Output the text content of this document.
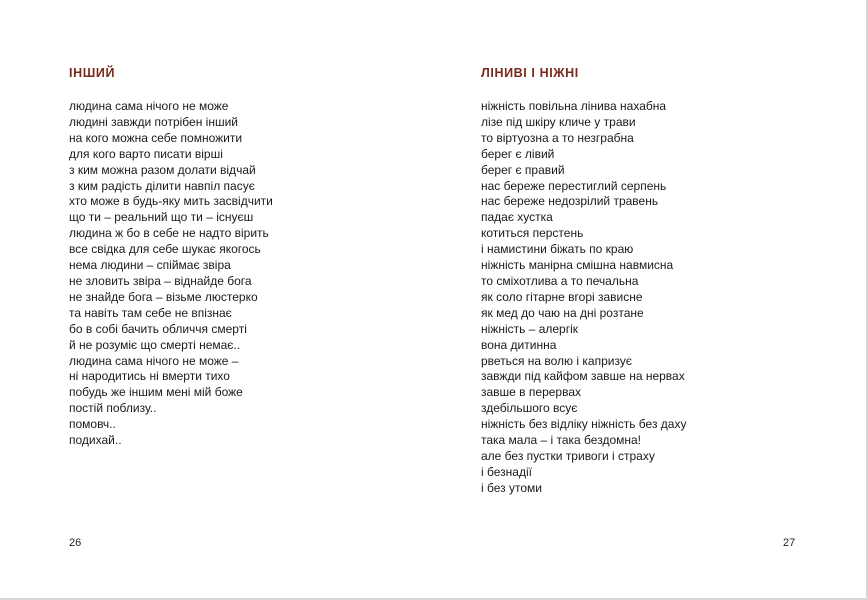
ІНШИЙ
людина сама нічого не може
людині завжди потрібен інший
на кого можна себе помножити
для кого варто писати вірші
з ким можна разом долати відчай
з ким радість ділити навпіл пасує
хто може в будь-яку мить засвідчити
що ти – реальний що ти – існуєш
людина ж бо в себе не надто вірить
все свідка для себе шукає якогось
нема людини – спіймає звіра
не зловить звіра – віднайде бога
не знайде бога – візьме люстерко
та навіть там себе не впізнає
бо в собі бачить обличчя смерті
й не розуміє що смерті немає..
людина сама нічого не може –
ні народитись ні вмерти тихо
побудь же іншим мені мій боже
постій поблизу..
помовч..
подихай..
26
ЛІНИВІ І НІЖНІ
ніжність повільна лінива нахабна
лізе під шкіру кличе у трави
то віртуозна а то незграбна
берег є лівий
берег є правий
нас береже перестиглий серпень
нас береже недозрілий травень
падає хустка
котиться перстень
і намистини біжать по краю
ніжність манірна смішна навмисна
то сміхотлива а то печальна
як соло гітарне вгорі зависне
як мед до чаю на дні розтане
ніжність – алергік
вона дитинна
рветься на волю і капризує
завжди під кайфом завше на нервах
завше в перервах
здебільшого всує
ніжність без відліку ніжність без даху
така мала – і така бездомна!
але без пустки тривоги і страху
і безнадії
і без утоми
27
